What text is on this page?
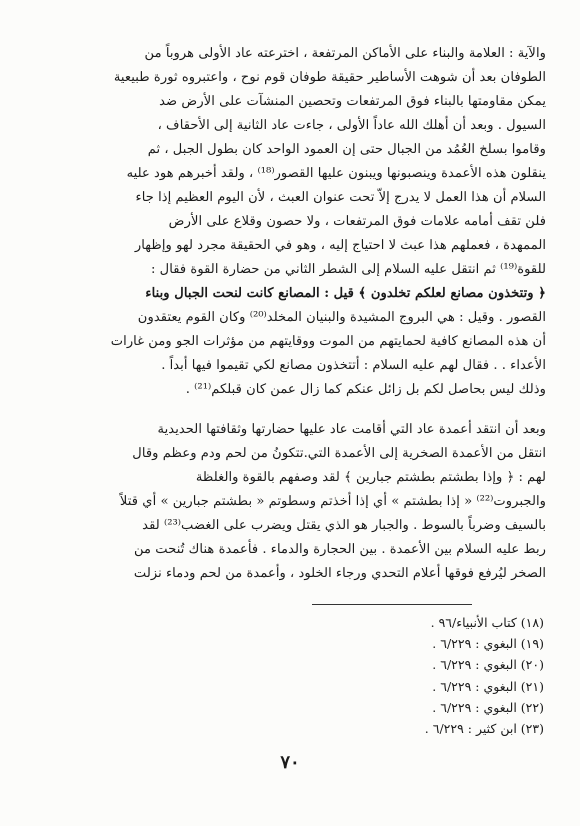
والآية : العلامة والبناء على الأماكن المرتفعة ، اخترعته عاد الأولى هروباً من
الطوفان بعد أن شوهت الأساطير حقيقة طوفان قوم نوح ، واعتبروه ثورة طبيعية
يمكن مقاومتها بالبناء فوق المرتفعات وتحصين المنشآت على الأرض ضد
السيول . وبعد أن أهلك الله عاداً الأولى ، جاءت عاد الثانية إلى الأحقاف ،
وقاموا بسلخ العُمُد من الجبال حتى إن العمود الواحد كان بطول الجبل ، ثم
ينقلون هذه الأعمدة وينصبونها ويبنون عليها القصور⁽¹⁸⁾ ، ولقد أخبرهم هود عليه
السلام أن هذا العمل لا يدرج إلاّ تحت عنوان العبث ، لأن اليوم العظيم إذا جاء
فلن تقف أمامه علامات فوق المرتفعات ، ولا حصون وقلاع على الأرض
الممهدة ، فعملهم هذا عبث لا احتياج إليه ، وهو في الحقيقة مجرد لهو وإظهار
للقوة⁽¹⁹⁾ ثم انتقل عليه السلام إلى الشطر الثاني من حضارة القوة فقال :
﴿ وتتخذون مصانع لعلكم تخلدون ﴾ قيل : المصانع كانت لنحت الجبال وبناء
القصور . وقيل : هي البروج المشيدة والبنيان المخلد⁽²⁰⁾ وكان القوم يعتقدون
أن هذه المصانع كافية لحمايتهم من الموت ووقايتهم من مؤثرات الجو ومن غارات
الأعداء . . فقال لهم عليه السلام : أتتخذون مصانع لكي تقيموا فيها أبداً .
وذلك ليس بحاصل لكم بل زائل عنكم كما زال عمن كان قبلكم⁽²¹⁾ .
وبعد أن انتقد أعمدة عاد التي أقامت عاد عليها حضارتها وثقافتها الحديدية
انتقل من الأعمدة الصخرية إلى الأعمدة التي.تتكونُ من لحم ودم وعظم وقال
لهم : ﴿ وإذا بطشتم بطشتم جبارين ﴾ لقد وصفهم بالقوة والغلظة
والجبروت⁽²²⁾ « إذا بطشتم » أي إذا أخذتم وسطوتم « بطشتم جبارين » أي قتلاً
بالسيف وضرباً بالسوط . والجبار هو الذي يقتل ويضرب على الغضب⁽²³⁾ لقد
ربط عليه السلام بين الأعمدة . بين الحجارة والدماء . فأعمدة هناك تُنحت من
الصخر ليُرفع فوقها أعلام التحدي ورجاء الخلود ، وأعمدة من لحم ودماء نزلت
(١٨) كتاب الأنبياء/٩٦ .
(١٩) البغوي : ٦/٢٢٩ .
(٢٠) البغوي : ٦/٢٢٩ .
(٢١) البغوي : ٦/٢٢٩ .
(٢٢) البغوي : ٦/٢٢٩ .
(٢٣) ابن كثير : ٦/٢٢٩ .
٧٠
